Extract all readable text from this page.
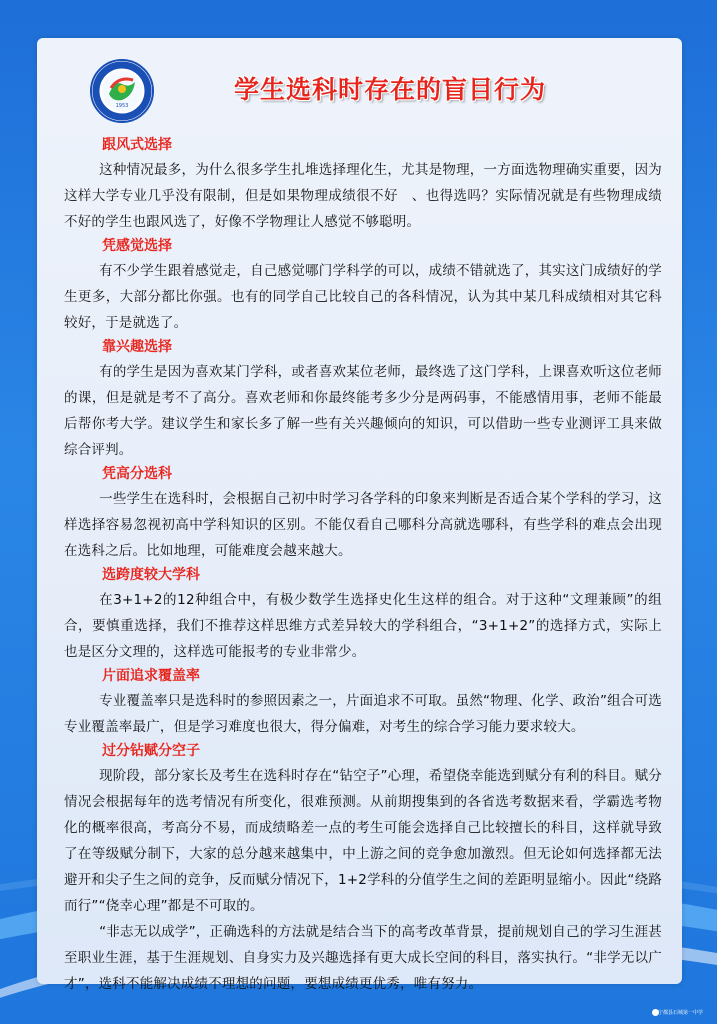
1953
学生选科时存在的盲目行为
跟风式选择

这种情况最多，为什么很多学生扎堆选择理化生，尤其是物理，一方面选物理确实重要，因为这样大学专业几乎没有限制，但是如果物理成绩很不好　、也得选吗？实际情况就是有些物理成绩不好的学生也跟风选了，好像不学物理让人感觉不够聪明。

凭感觉选择

有不少学生跟着感觉走，自己感觉哪门学科学的可以，成绩不错就选了，其实这门成绩好的学生更多，大部分都比你强。也有的同学自己比较自己的各科情况，认为其中某几科成绩相对其它科较好，于是就选了。

靠兴趣选择

有的学生是因为喜欢某门学科，或者喜欢某位老师，最终选了这门学科，上课喜欢听这位老师的课，但是就是考不了高分。喜欢老师和你最终能考多少分是两码事，不能感情用事，老师不能最后帮你考大学。建议学生和家长多了解一些有关兴趣倾向的知识，可以借助一些专业测评工具来做综合评判。

凭高分选科

一些学生在选科时，会根据自己初中时学习各学科的印象来判断是否适合某个学科的学习，这样选择容易忽视初高中学科知识的区别。不能仅看自己哪科分高就选哪科，有些学科的难点会出现在选科之后。比如地理，可能难度会越来越大。

选跨度较大学科

在3+1+2的12种组合中，有极少数学生选择史化生这样的组合。对于这种“文理兼顾”的组合，要慎重选择，我们不推荐这样思维方式差异较大的学科组合，“3+1+2”的选择方式，实际上也是区分文理的，这样选可能报考的专业非常少。

片面追求覆盖率

专业覆盖率只是选科时的参照因素之一，片面追求不可取。虽然“物理、化学、政治”组合可选专业覆盖率最广，但是学习难度也很大，得分偏难，对考生的综合学习能力要求较大。

过分钻赋分空子

现阶段，部分家长及考生在选科时存在“钻空子”心理，希望侥幸能选到赋分有利的科目。赋分情况会根据每年的选考情况有所变化，很难预测。从前期搜集到的各省选考数据来看，学霸选考物化的概率很高，考高分不易，而成绩略差一点的考生可能会选择自己比较擅长的科目，这样就导致了在等级赋分制下，大家的总分越来越集中，中上游之间的竞争愈加激烈。但无论如何选择都无法避开和尖子生之间的竞争，反而赋分情况下，1+2学科的分值学生之间的差距明显缩小。因此“绕路而行”“侥幸心理”都是不可取的。

“非志无以成学”，正确选科的方法就是结合当下的高考改革背景，提前规划自己的学习生涯甚至职业生涯，基于生涯规划、自身实力及兴趣选择有更大成长空间的科目，落实执行。“非学无以广才”，选科不能解决成绩不理想的问题，要想成绩更优秀，唯有努力。

宁都县石城第一中学
